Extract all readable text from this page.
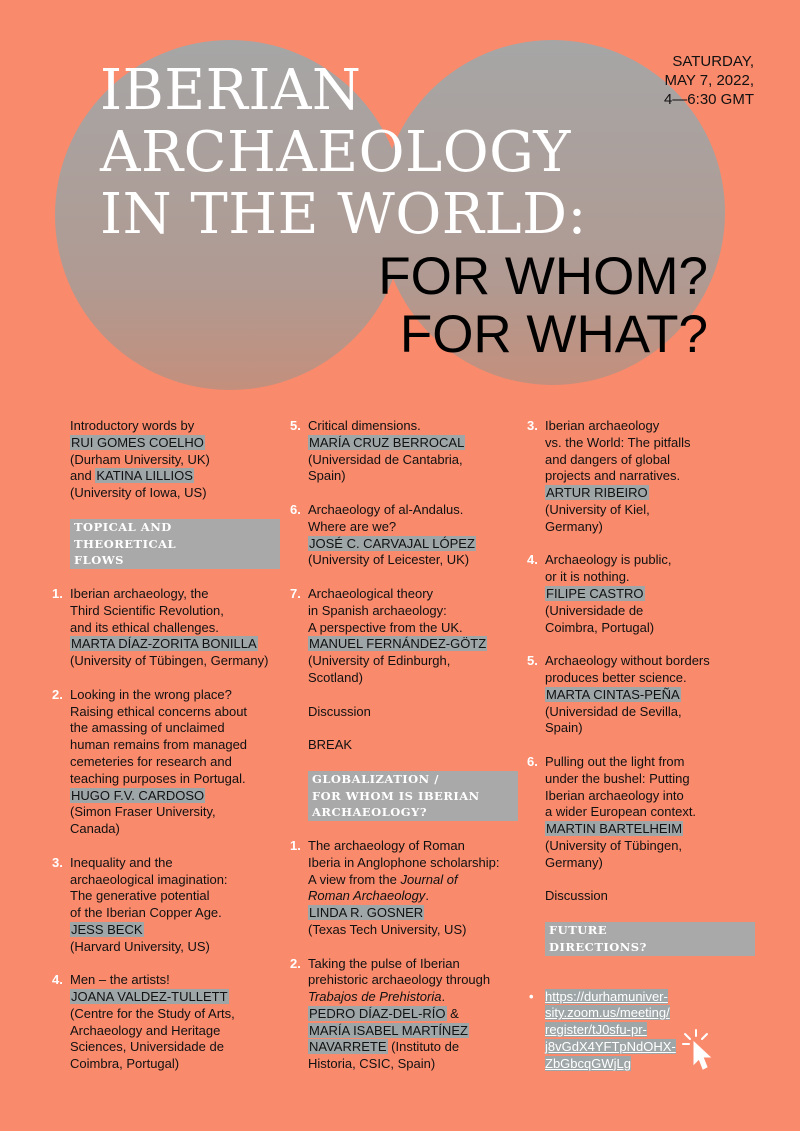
IBERIAN
ARCHAEOLOGY
IN THE WORLD:
FOR WHOM?
FOR WHAT?
SATURDAY,
MAY 7, 2022,
4—6:30 GMT
Introductory words by
RUI GOMES COELHO
(Durham University, UK)
and KATINA LILLIOS
(University of Iowa, US)
TOPICAL AND
THEORETICAL
FLOWS
1. Iberian archaeology, the
Third Scientific Revolution,
and its ethical challenges.
MARTA DÍAZ-ZORITA BONILLA
(University of Tübingen, Germany)
2. Looking in the wrong place?
Raising ethical concerns about
the amassing of unclaimed
human remains from managed
cemeteries for research and
teaching purposes in Portugal.
HUGO F.V. CARDOSO
(Simon Fraser University,
Canada)
3. Inequality and the
archaeological imagination:
The generative potential
of the Iberian Copper Age.
JESS BECK
(Harvard University, US)
4. Men – the artists!
JOANA VALDEZ-TULLETT
(Centre for the Study of Arts,
Archaeology and Heritage
Sciences, Universidade de
Coimbra, Portugal)
5. Critical dimensions.
MARÍA CRUZ BERROCAL
(Universidad de Cantabria,
Spain)
6. Archaeology of al-Andalus.
Where are we?
JOSÉ C. CARVAJAL LÓPEZ
(University of Leicester, UK)
7. Archaeological theory
in Spanish archaeology:
A perspective from the UK.
MANUEL FERNÁNDEZ-GÖTZ
(University of Edinburgh,
Scotland)
Discussion
BREAK
GLOBALIZATION /
FOR WHOM IS IBERIAN
ARCHAEOLOGY?
1. The archaeology of Roman
Iberia in Anglophone scholarship:
A view from the Journal of
Roman Archaeology.
LINDA R. GOSNER
(Texas Tech University, US)
2. Taking the pulse of Iberian
prehistoric archaeology through
Trabajos de Prehistoria.
PEDRO DÍAZ-DEL-RÍO &
MARÍA ISABEL MARTÍNEZ
NAVARRETE (Instituto de
Historia, CSIC, Spain)
3. Iberian archaeology
vs. the World: The pitfalls
and dangers of global
projects and narratives.
ARTUR RIBEIRO
(University of Kiel,
Germany)
4. Archaeology is public,
or it is nothing.
FILIPE CASTRO
(Universidade de
Coimbra, Portugal)
5. Archaeology without borders
produces better science.
MARTA CINTAS-PEÑA
(Universidad de Sevilla,
Spain)
6. Pulling out the light from
under the bushel: Putting
Iberian archaeology into
a wider European context.
MARTIN BARTELHEIM
(University of Tübingen,
Germany)
Discussion
FUTURE
DIRECTIONS?
• https://durhamuniver-
sity.zoom.us/meeting/
register/tJ0sfu-pr-
j8vGdX4YFTpNdOHX-
ZbGbcqGWjLg
